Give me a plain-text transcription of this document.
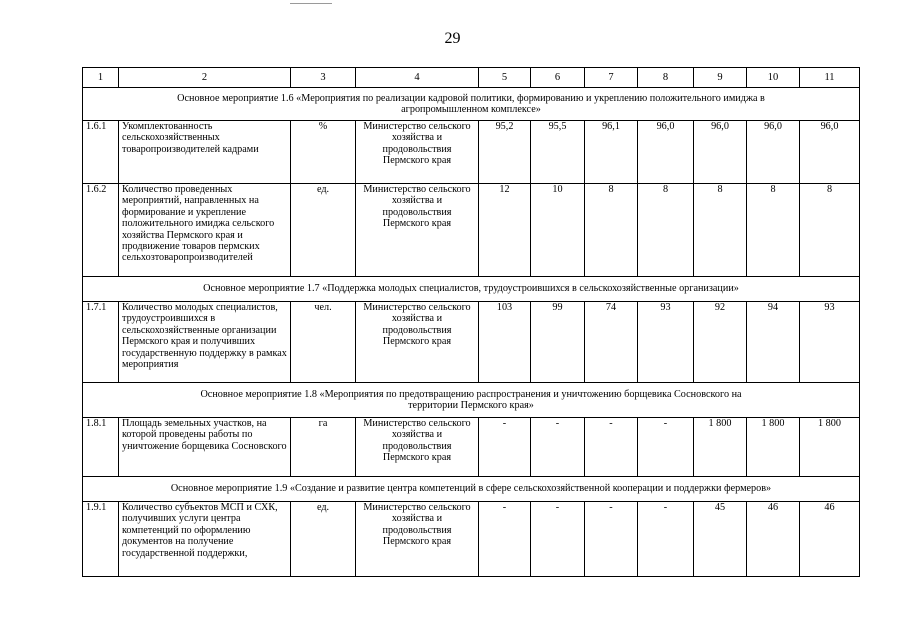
29
1	2	3	4	5	6	7	8	9	10	11
Основное мероприятие 1.6 «Мероприятия по реализации кадровой политики, формированию и укреплению положительного имиджа в агропромышленном комплексе»										
1.6.1	Укомплектованность сельскохозяйственных товаропроизводителей кадрами	%	Министерство сельского хозяйства и продовольствия Пермского края	95,2	95,5	96,1	96,0	96,0	96,0	96,0
1.6.2	Количество проведенных мероприятий, направленных на формирование и укрепление положительного имиджа сельского хозяйства Пермского края и продвижение товаров пермских сельхозтоваропроизводителей	ед.	Министерство сельского хозяйства и продовольствия Пермского края	12	10	8	8	8	8	8
Основное мероприятие 1.7 «Поддержка молодых специалистов, трудоустроившихся в сельскохозяйственные организации»										
1.7.1	Количество молодых специалистов, трудоустроившихся в сельскохозяйственные организации Пермского края и получивших государственную поддержку в рамках мероприятия	чел.	Министерство сельского хозяйства и продовольствия Пермского края	103	99	74	93	92	94	93
Основное мероприятие 1.8 «Мероприятия по предотвращению распространения и уничтожению борщевика Сосновского на территории Пермского края»										
1.8.1	Площадь земельных участков, на которой проведены работы по уничтожение борщевика Сосновского	га	Министерство сельского хозяйства и продовольствия Пермского края	-	-	-	-	1 800	1 800	1 800
Основное мероприятие 1.9 «Создание и развитие центра компетенций в сфере сельскохозяйственной кооперации и поддержки фермеров»										
1.9.1	Количество субъектов МСП и СХК, получивших услуги центра компетенций по оформлению документов на получение государственной поддержки,	ед.	Министерство сельского хозяйства и продовольствия Пермского края	-	-	-	-	45	46	46
